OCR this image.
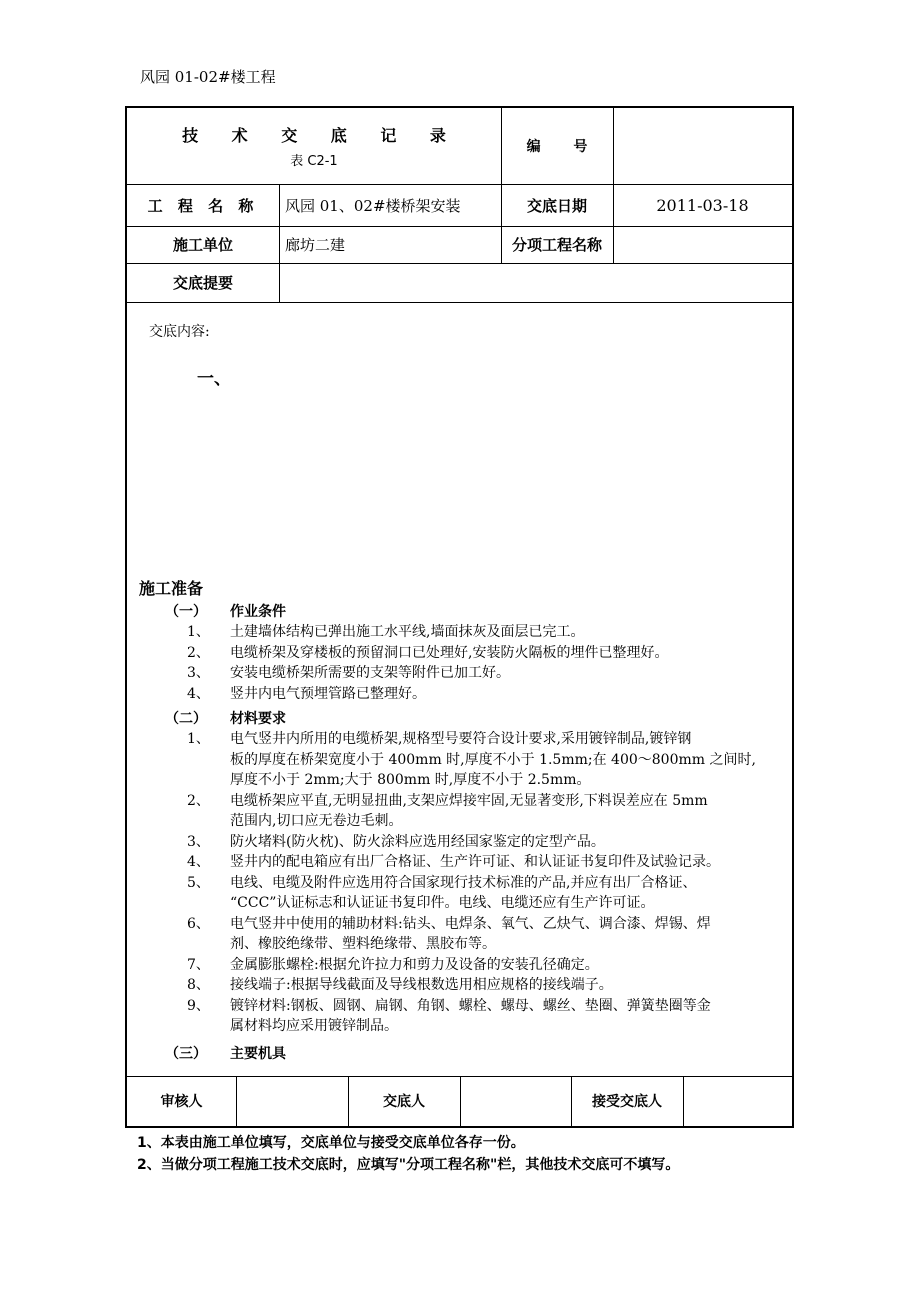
风园 01-02#楼工程
技 术 交 底 记 录
表 C2-1
编 号
工 程 名 称	风园 01、02#楼桥架安装	交底日期	2011-03-18
施工单位	廊坊二建	分项工程名称
交底提要
交底内容:
一、
施工准备
（一） 作业条件
1、 土建墙体结构已弹出施工水平线,墙面抹灰及面层已完工。
2、 电缆桥架及穿楼板的预留洞口已处理好,安装防火隔板的埋件已整理好。
3、 安装电缆桥架所需要的支架等附件已加工好。
4、 竖井内电气预埋管路已整理好。
（二） 材料要求
1、 电气竖井内所用的电缆桥架,规格型号要符合设计要求,采用镀锌制品,镀锌钢
板的厚度在桥架宽度小于 400mm 时,厚度不小于 1.5mm;在 400～800mm 之间时,
厚度不小于 2mm;大于 800mm 时,厚度不小于 2.5mm。
2、 电缆桥架应平直,无明显扭曲,支架应焊接牢固,无显著变形,下料误差应在 5mm
范围内,切口应无卷边毛刺。
3、 防火堵料(防火枕)、防火涂料应选用经国家鉴定的定型产品。
4、 竖井内的配电箱应有出厂合格证、生产许可证、和认证证书复印件及试验记录。
5、 电线、电缆及附件应选用符合国家现行技术标准的产品,并应有出厂合格证、
“CCC”认证标志和认证证书复印件。电线、电缆还应有生产许可证。
6、 电气竖井中使用的辅助材料:钻头、电焊条、氧气、乙炔气、调合漆、焊锡、焊
剂、橡胶绝缘带、塑料绝缘带、黑胶布等。
7、 金属膨胀螺栓:根据允许拉力和剪力及设备的安装孔径确定。
8、 接线端子:根据导线截面及导线根数选用相应规格的接线端子。
9、 镀锌材料:钢板、圆钢、扁钢、角钢、螺栓、螺母、螺丝、垫圈、弹簧垫圈等金
属材料均应采用镀锌制品。
（三） 主要机具
审核人	交底人	接受交底人
1、本表由施工单位填写，交底单位与接受交底单位各存一份。
2、当做分项工程施工技术交底时，应填写"分项工程名称"栏，其他技术交底可不填写。
